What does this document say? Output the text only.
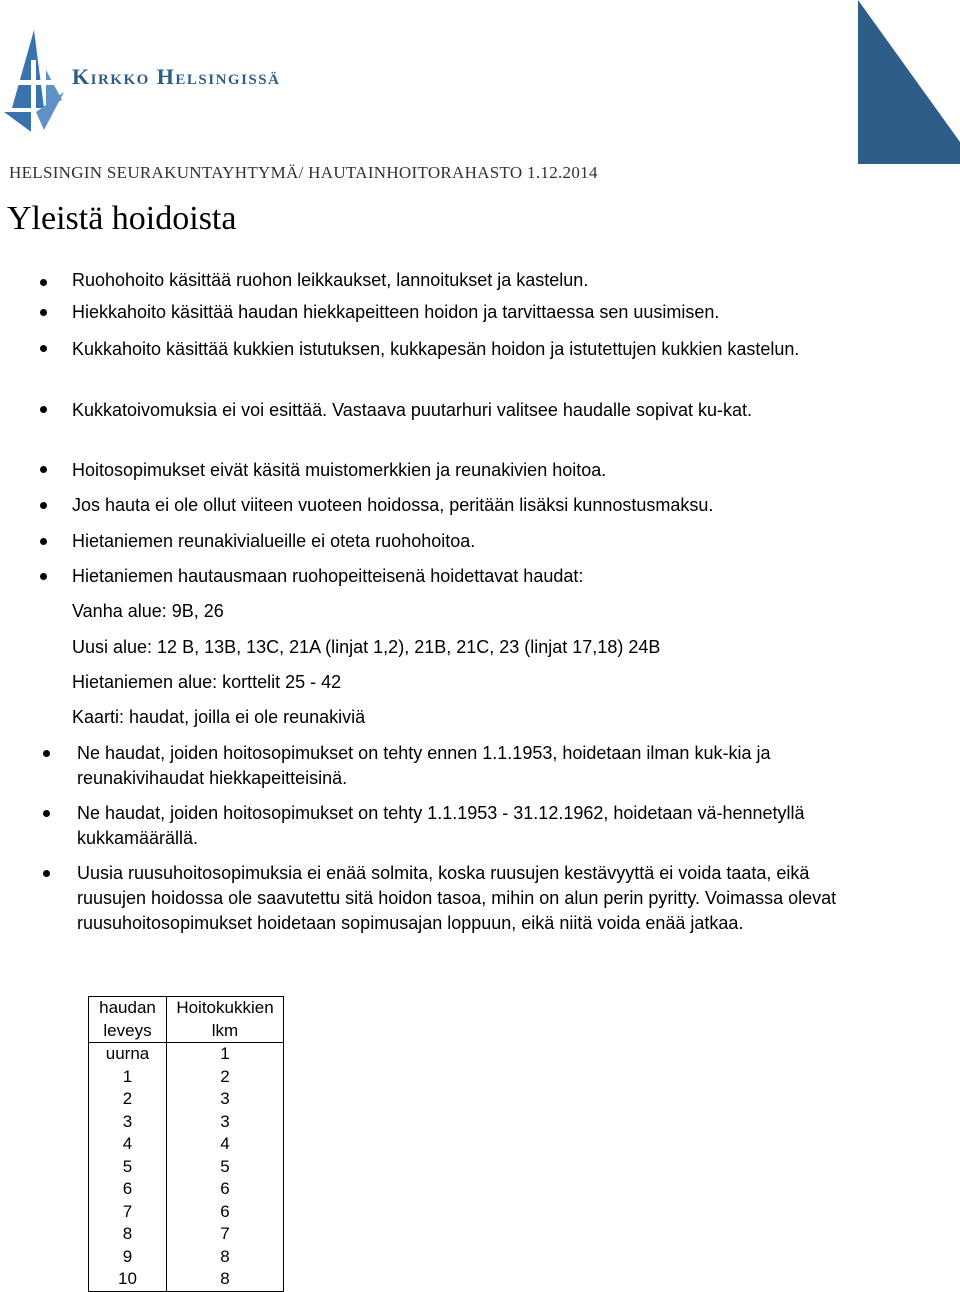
Kirkko Helsingissä
HELSINGIN SEURAKUNTAYHTYMÄ/ HAUTAINHOITORAHASTO 1.12.2014
Yleistä hoidoista
Ruohohoito käsittää ruohon leikkaukset, lannoitukset ja kastelun.
Hiekkahoito käsittää haudan hiekkapeitteen hoidon ja tarvittaessa sen uusimisen.
Kukkahoito käsittää kukkien istutuksen, kukkapesän hoidon ja istutettujen kukkien kastelun.
Kukkatoivomuksia ei voi esittää. Vastaava puutarhuri valitsee haudalle sopivat ku-kat.
Hoitosopimukset eivät käsitä muistomerkkien ja reunakivien hoitoa.
Jos hauta ei ole ollut viiteen vuoteen hoidossa, peritään lisäksi kunnostusmaksu.
Hietaniemen reunakivialueille ei oteta ruohohoitoa.
Hietaniemen hautausmaan ruohopeitteisenä hoidettavat haudat:
Vanha alue: 9B, 26
Uusi alue: 12 B, 13B, 13C, 21A (linjat 1,2), 21B, 21C, 23 (linjat 17,18) 24B
Hietaniemen alue: korttelit 25 - 42
Kaarti: haudat, joilla ei ole reunakiviä
Ne haudat, joiden hoitosopimukset on tehty ennen 1.1.1953, hoidetaan ilman kuk-kia ja reunakivihaudat hiekkapeitteisinä.
Ne haudat, joiden hoitosopimukset on tehty 1.1.1953 - 31.12.1962, hoidetaan vä-hennetyllä kukkamäärällä.
Uusia ruusuhoitosopimuksia ei enää solmita, koska ruusujen kestävyyttä ei voida taata, eikä ruusujen hoidossa ole saavutettu sitä hoidon tasoa, mihin on alun perin pyritty. Voimassa olevat ruusuhoitosopimukset hoidetaan sopimusajan loppuun, eikä niitä voida enää jatkaa.
haudan leveys	Hoitokukkien lkm
uurna	1
1	2
2	3
3	3
4	4
5	5
6	6
7	6
8	7
9	8
10	8
